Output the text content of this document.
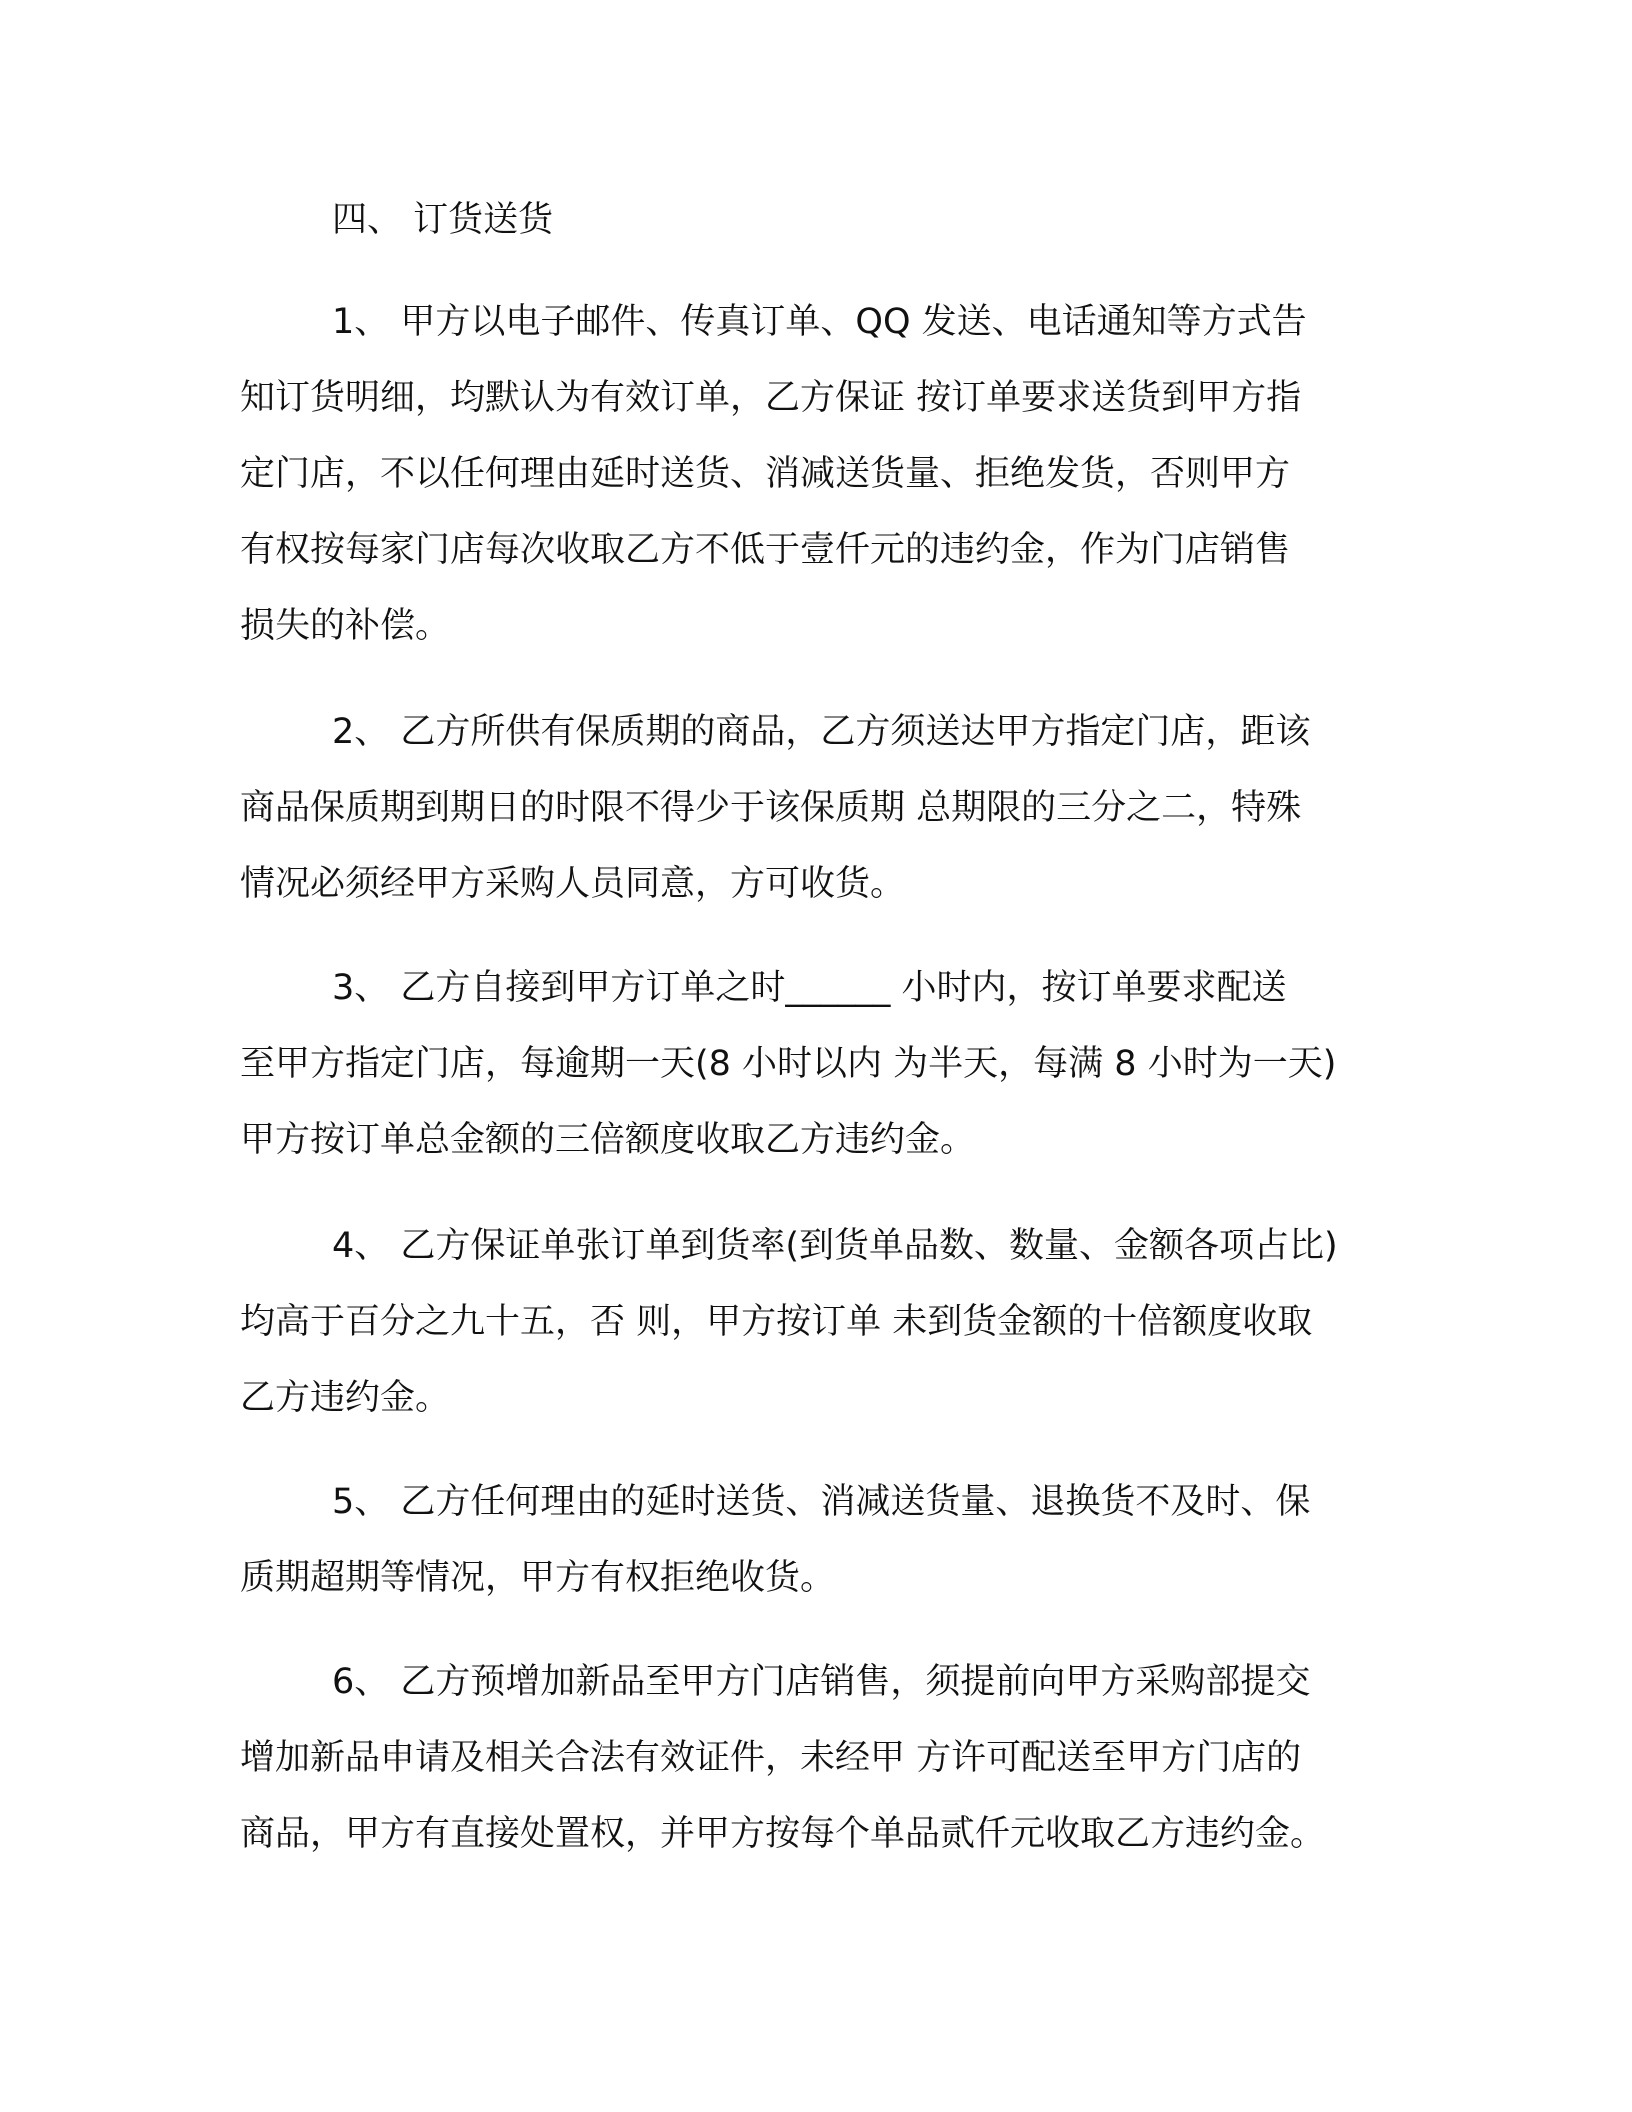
四、 订货送货
1、 甲方以电子邮件、传真订单、QQ 发送、电话通知等方式告
知订货明细，均默认为有效订单，乙方保证 按订单要求送货到甲方指
定门店，不以任何理由延时送货、消减送货量、拒绝发货，否则甲方
有权按每家门店每次收取乙方不低于壹仟元的违约金，作为门店销售
损失的补偿。
2、 乙方所供有保质期的商品，乙方须送达甲方指定门店，距该
商品保质期到期日的时限不得少于该保质期 总期限的三分之二，特殊
情况必须经甲方采购人员同意，方可收货。
3、 乙方自接到甲方订单之时______ 小时内，按订单要求配送
至甲方指定门店，每逾期一天(8 小时以内 为半天，每满 8 小时为一天)
甲方按订单总金额的三倍额度收取乙方违约金。
4、 乙方保证单张订单到货率(到货单品数、数量、金额各项占比)
均高于百分之九十五，否 则，甲方按订单 未到货金额的十倍额度收取
乙方违约金。
5、 乙方任何理由的延时送货、消减送货量、退换货不及时、保
质期超期等情况，甲方有权拒绝收货。
6、 乙方预增加新品至甲方门店销售，须提前向甲方采购部提交
增加新品申请及相关合法有效证件，未经甲 方许可配送至甲方门店的
商品，甲方有直接处置权，并甲方按每个单品贰仟元收取乙方违约金。
